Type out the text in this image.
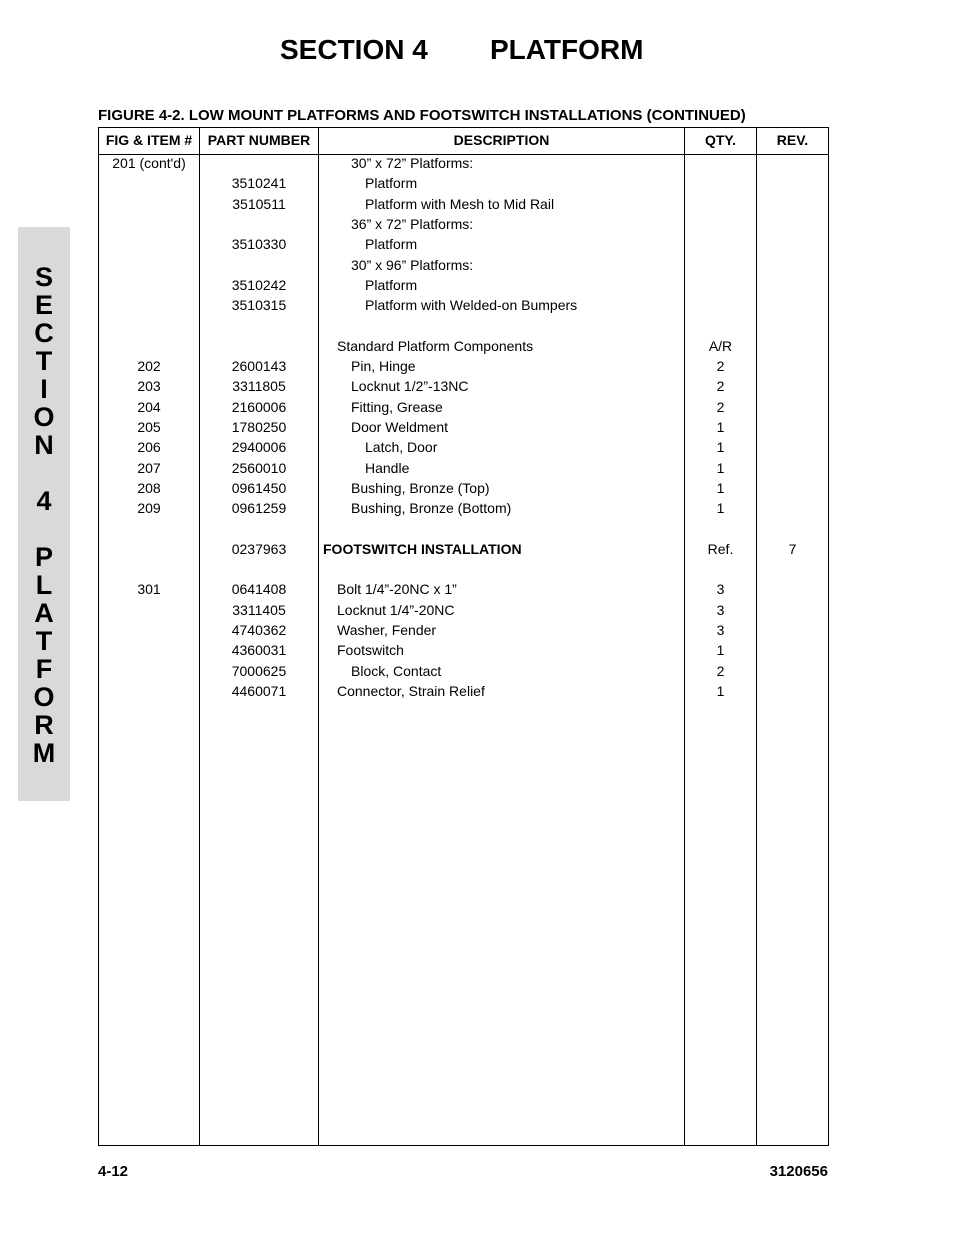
SECTION 4 PLATFORM
S
E
C
T
I
O
N
4
P
L
A
T
F
O
R
M
FIGURE 4-2. LOW MOUNT PLATFORMS AND FOOTSWITCH INSTALLATIONS (CONTINUED)
FIG & ITEM #	PART NUMBER	DESCRIPTION	QTY.	REV.
201 (cont'd)	30” x 72” Platforms:
3510241	Platform
3510511	Platform with Mesh to Mid Rail
36” x 72” Platforms:
3510330	Platform
30” x 96” Platforms:
3510242	Platform
3510315	Platform with Welded-on Bumpers
Standard Platform Components	A/R
202	2600143	Pin, Hinge	2
203	3311805	Locknut 1/2”-13NC	2
204	2160006	Fitting, Grease	2
205	1780250	Door Weldment	1
206	2940006	Latch, Door	1
207	2560010	Handle	1
208	0961450	Bushing, Bronze (Top)	1
209	0961259	Bushing, Bronze (Bottom)	1
0237963	FOOTSWITCH INSTALLATION	Ref.	7
301	0641408	Bolt 1/4”-20NC x 1”	3
3311405	Locknut 1/4”-20NC	3
4740362	Washer, Fender	3
4360031	Footswitch	1
7000625	Block, Contact	2
4460071	Connector, Strain Relief	1
4-12	3120656
